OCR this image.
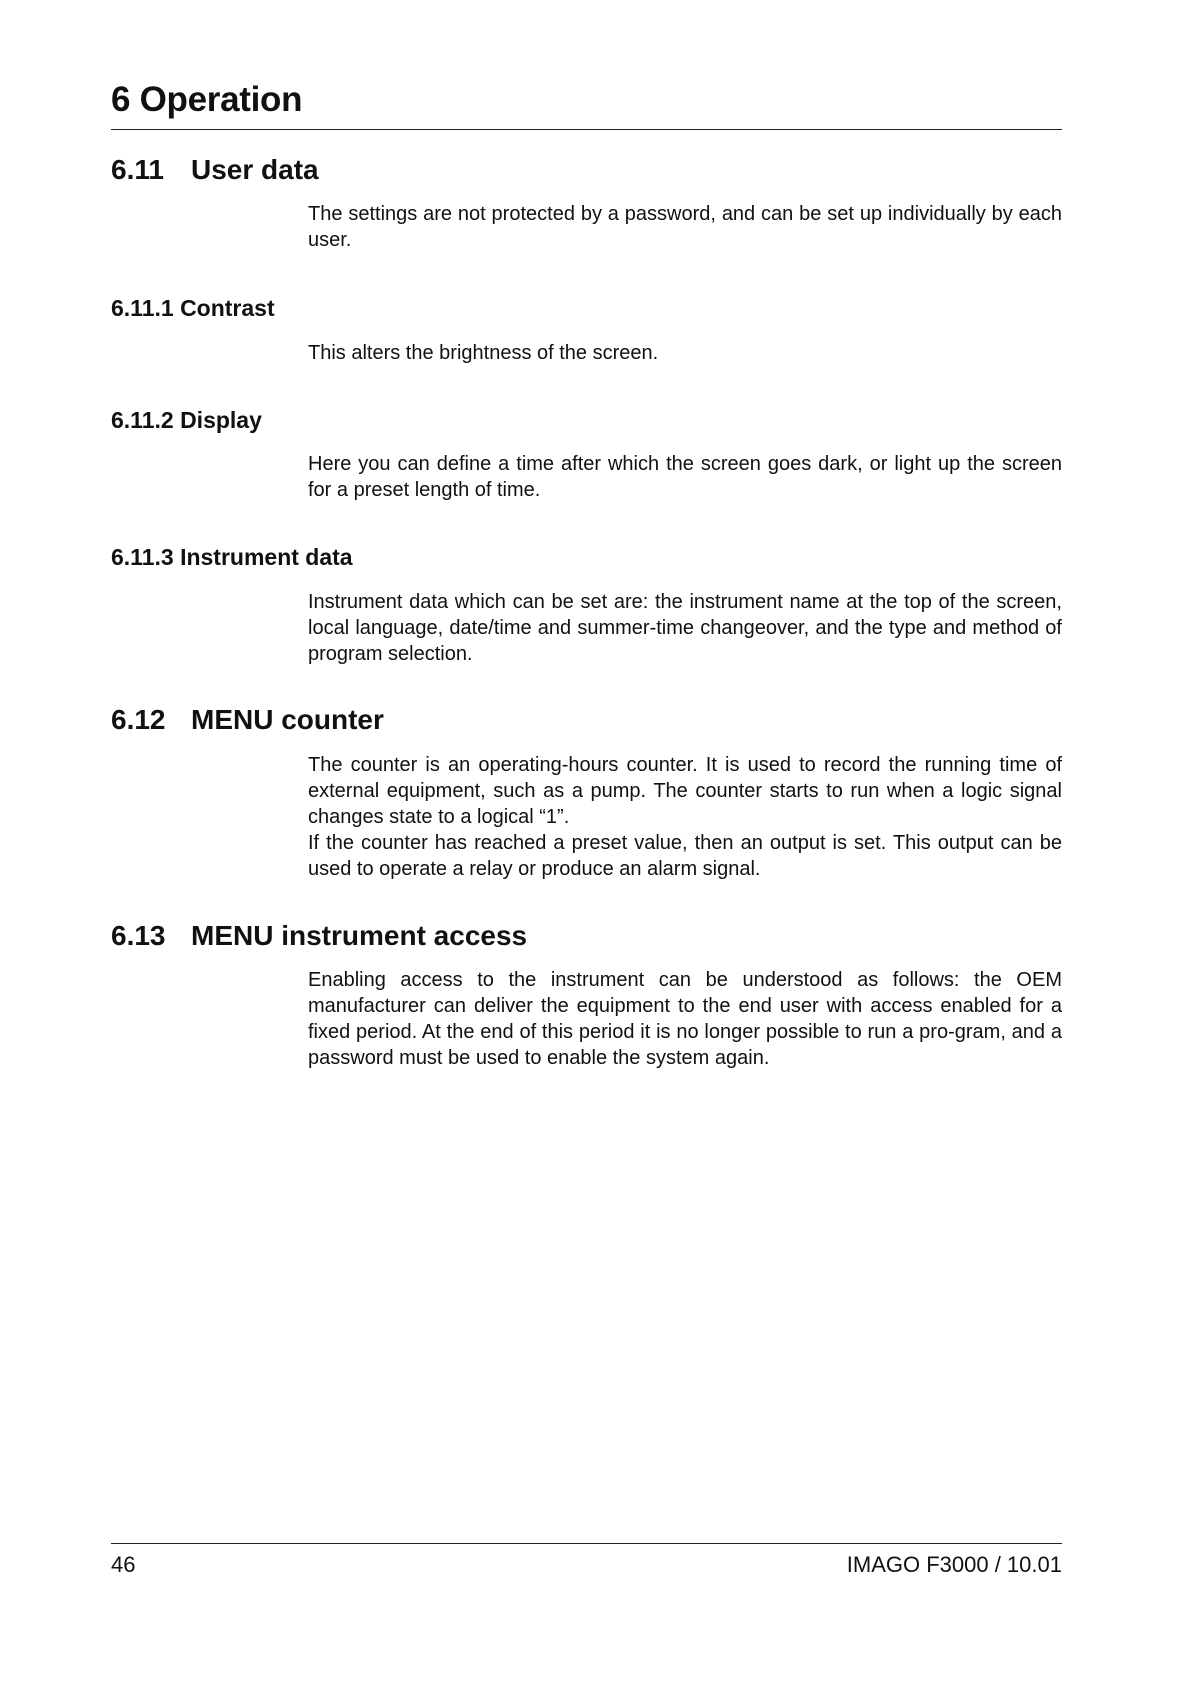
6 Operation
6.11 User data

The settings are not protected by a password, and can be set up individually by each user.

6.11.1 Contrast

This alters the brightness of the screen.

6.11.2 Display

Here you can define a time after which the screen goes dark, or light up the screen for a preset length of time.

6.11.3 Instrument data

Instrument data which can be set are: the instrument name at the top of the screen, local language, date/time and summer-time changeover, and the type and method of program selection.

6.12 MENU counter

The counter is an operating-hours counter. It is used to record the running time of external equipment, such as a pump. The counter starts to run when a logic signal changes state to a logical “1”.

If the counter has reached a preset value, then an output is set. This output can be used to operate a relay or produce an alarm signal.

6.13 MENU instrument access

Enabling access to the instrument can be understood as follows: the OEM manufacturer can deliver the equipment to the end user with access enabled for a fixed period. At the end of this period it is no longer possible to run a pro-gram, and a password must be used to enable the system again.

46	IMAGO F3000 / 10.01
